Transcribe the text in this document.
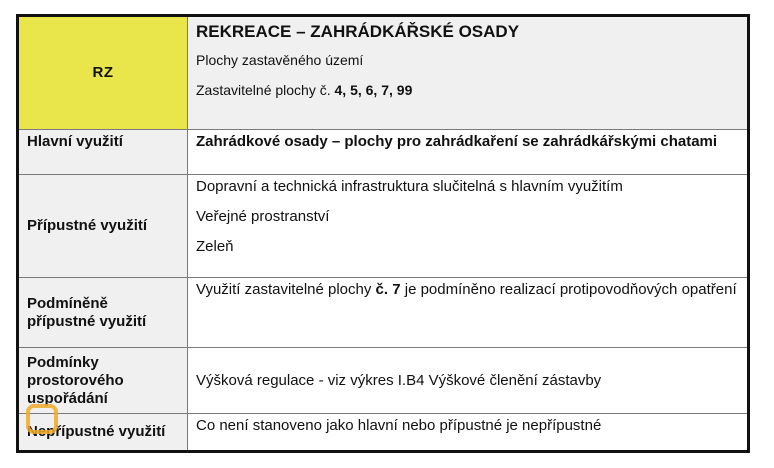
RZ	REKREACE – ZAHRÁDKÁŘSKÉ OSADY
Plochy zastavěného území
Zastavitelné plochy č. 4, 5, 6, 7, 99

Hlavní využití	Zahrádkové osady – plochy pro zahrádkaření se zahrádkářskými chatami
Přípustné využití	Dopravní a technická infrastruktura slučitelná s hlavním využitím
Veřejné prostranství
Zeleň

Podmíněně přípustné využití	Využití zastavitelné plochy č. 7 je podmíněno realizací protipovodňových opatření

Podmínky prostorového uspořádání	Výšková regulace - viz výkres I.B4 Výškové členění zástavby
Nepřípustné využití	Co není stanoveno jako hlavní nebo přípustné je nepřípustné
